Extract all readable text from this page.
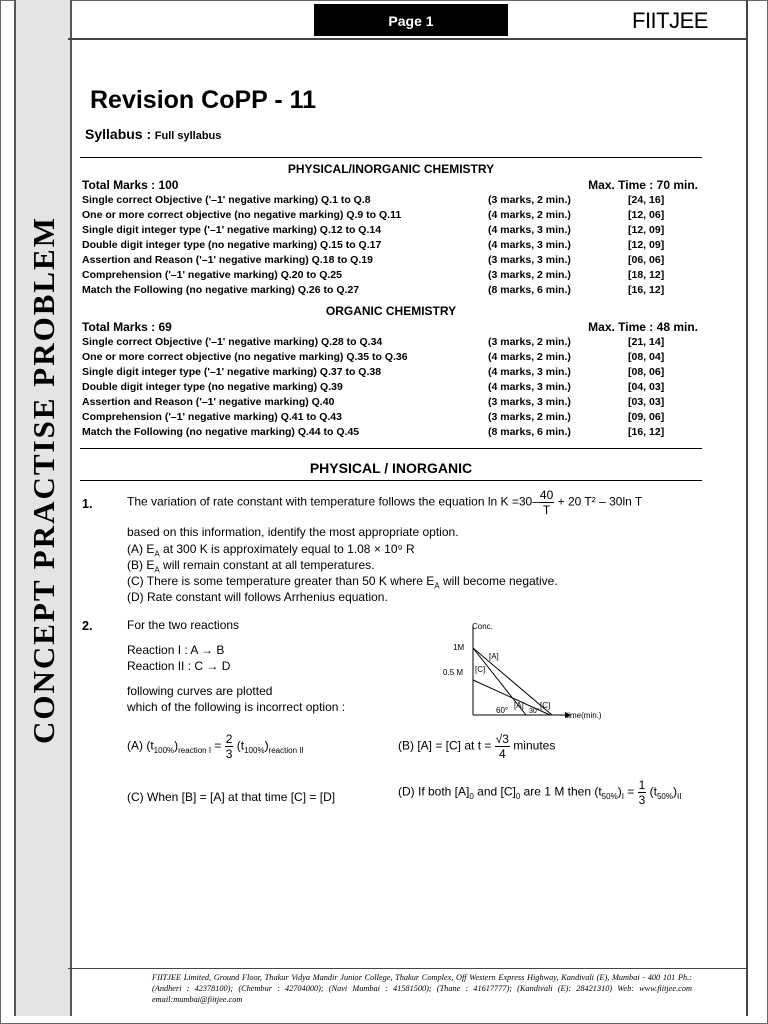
CONCEPT PRACTISE PROBLEM
Page 1	FIITJEE
Revision CoPP - 11
Syllabus : Full syllabus
PHYSICAL/INORGANIC CHEMISTRY
Total Marks : 100	Max. Time : 70 min.
Single correct Objective ('–1' negative marking) Q.1 to Q.8	(3 marks, 2 min.)	[24, 16]
One or more correct objective (no negative marking) Q.9 to Q.11	(4 marks, 2 min.)	[12, 06]
Single digit integer type ('–1' negative marking) Q.12 to Q.14	(4 marks, 3 min.)	[12, 09]
Double digit integer type (no negative marking) Q.15 to Q.17	(4 marks, 3 min.)	[12, 09]
Assertion and Reason ('–1' negative marking) Q.18 to Q.19	(3 marks, 3 min.)	[06, 06]
Comprehension ('–1' negative marking) Q.20 to Q.25	(3 marks, 2 min.)	[18, 12]
Match the Following (no negative marking) Q.26 to Q.27	(8 marks, 6 min.)	[16, 12]
ORGANIC CHEMISTRY
Total Marks : 69	Max. Time : 48 min.
Single correct Objective ('–1' negative marking) Q.28 to Q.34	(3 marks, 2 min.)	[21, 14]
One or more correct objective (no negative marking) Q.35 to Q.36	(4 marks, 2 min.)	[08, 04]
Single digit integer type ('–1' negative marking) Q.37 to Q.38	(4 marks, 3 min.)	[08, 06]
Double digit integer type (no negative marking) Q.39	(4 marks, 3 min.)	[04, 03]
Assertion and Reason ('–1' negative marking) Q.40	(3 marks, 3 min.)	[03, 03]
Comprehension ('–1' negative marking) Q.41 to Q.43	(3 marks, 2 min.)	[09, 06]
Match the Following (no negative marking) Q.44 to Q.45	(8 marks, 6 min.)	[16, 12]
PHYSICAL / INORGANIC
1.	The variation of rate constant with temperature follows the equation $\ln K =30- \frac{40}{T} + 20$ T² – 30ln T
based on this information, identify the most appropriate option.
(A) $E_A$ at 300 K is approximately equal to 1.08 × 10⁹ R
(B) $E_A$ will remain constant at all temperatures.
(C) There is some temperature greater than 50 K where $E_A$ will become negative.
(D) Rate constant will follows Arrhenius equation.
2.	For the two reactions
Reaction I : A → B
Reaction II : C → D
following curves are plotted
which of the following is incorrect option :
Conc.
1M
0.5 M
[A]
[C]
60°
[A]
30°
[C]
time(min.)
(A) $(t_{100\%})_{reaction I} = \frac{2}{3} (t_{100\%})_{reaction II}$	(B) [A] = [C] at $t = \frac{√3}{4}$ minutes
(C) When [B] = [A] at that time [C] = [D]	(D) If both $[A]_0$ and $[C]_0$ are 1 M then $(t_{50\%})_I = \frac{1}{3} (t_{50\%})_{II}$
FIITJEE Limited, Ground Floor, Thakur Vidya Mandir Junior College, Thakur Complex, Off Western Express Highway, Kandivali (E), Mumbai - 400 101 Ph.: (Andheri : 42378100); (Chembur : 42704000); (Navi Mumbai : 41581500); (Thane : 41617777); (Kandivali (E): 28421310) Web: www.fiitjee.com email:mumbai@fiitjee.com
